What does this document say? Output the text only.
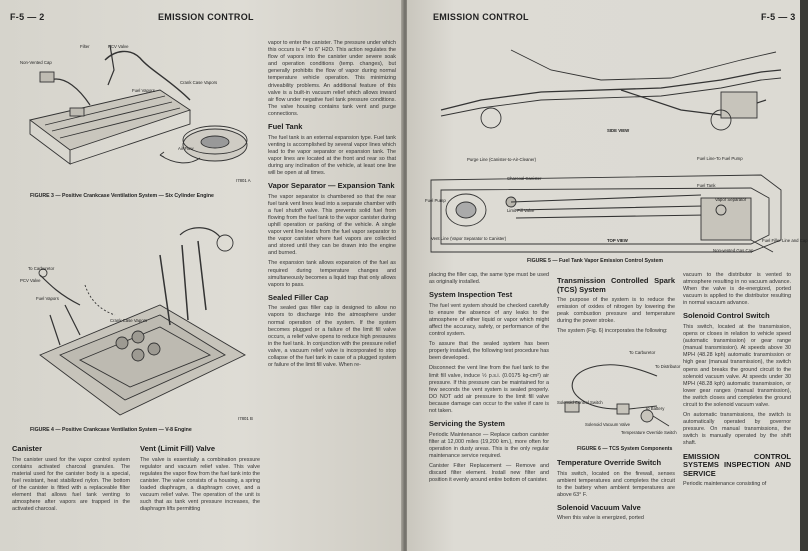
F-5 — 2	EMISSION CONTROL
Filter	PCV Valve
Non-Vented Cap
Fuel Vapors
Crank Case Vapors
Air Flow
I7801 A
FIGURE 3 — Positive Crankcase Ventilation System — Six Cylinder Engine
To Carburetor
PCV Valve
Fuel Vapors
Crank Case Vapors
I7801 B
FIGURE 4 — Positive Crankcase Ventilation System — V-8 Engine

vapor to enter the canister. The pressure under which this occurs is 4" to 6" H2O. This action regulates the flow of vapors into the canister under severe soak and operation conditions (temp. changes), but generally prohibits the flow of vapor during normal temperature vehicle operation. This minimizing driveability problems. An additional feature of this valve is a built-in vacuum relief which allows inward air flow under negative fuel tank pressure conditions. The valve housing contains tank vent and purge connections.

Fuel Tank

The fuel tank is an external expansion type. Fuel tank venting is accomplished by several vapor lines which lead to the vapor separator or expansion tank. The vapor lines are located at the front and rear so that during any inclination of the vehicle, at least one line will be open at all times.

Vapor Separator — Expansion Tank

The vapor separator is chambered so that the rear fuel tank vent lines lead into a separate chamber with a fuel shutoff valve. This prevents solid fuel from flowing from the fuel tank to the vapor canister during uphill operation or parking of the vehicle. A single vapor vent line leads from the fuel vapor separator to the vapor canister where fuel vapors are collected and stored until they can be drawn into the engine and burned.

The expansion tank allows expansion of the fuel as required during temperature changes and simultaneously becomes a liquid trap that only allows vapors to pass.

Sealed Filler Cap

The sealed gas filler cap is designed to allow no vapors to discharge into the atmosphere under normal operation of the system. If the system becomes plugged or a failure of the limit fill valve occurs, a relief valve opens to reduce high pressures in the fuel tank. In conjunction with the pressure relief valve, a vacuum relief valve is incorporated to stop collapse of the fuel tank in case of a plugged system or failure of the limit fill valve. When re-

Canister

The canister used for the vapor control system contains activated charcoal granules. The material used for the canister body is a special, fuel resistant, heat stabilized nylon. The bottom of the canister is fitted with a replaceable filter element that allows fuel tank venting to atmosphere after vapors are trapped in the activated charcoal.

Vent (Limit Fill) Valve

The valve is essentially a combination pressure regulator and vacuum relief valve. This valve regulates the vapor flow from the fuel tank into the canister. The valve consists of a housing, a spring loaded diaphragm, a diaphragm cover, and a vacuum relief valve. The operation of the unit is such that as tank vent pressure increases, the diaphragm lifts permitting

EMISSION CONTROL	F-5 — 3
SIDE VIEW
TOP VIEW
Purge Line (Canister-to-Air-Cleaner)
Charcoal Canister
Fuel Pump
Limit Fill Valve
Vent Line (Vapor Separator to Canister)
Fuel Line-To Fuel Pump
Fuel Tank
Vapor Separator
Non-vented Gas Cap
Fuel Filler Line and Cap
FIGURE 5 — Fuel Tank Vapor Emission Control System

placing the filler cap, the same type must be used as originally installed.

System Inspection Test

The fuel vent system should be checked carefully to ensure the absence of any leaks to the atmosphere of either liquid or vapor which might affect the accuracy, safety, or performance of the control system.

To assure that the sealed system has been properly installed, the following test procedure has been developed.

Disconnect the vent line from the fuel tank to the limit fill valve, induce ½ p.s.i. (0.0175 kg-cm²) air pressure. If this pressure can be maintained for a few seconds the vent system is sealed properly. DO NOT add air pressure to the limit fill valve because damage can occur to the valve if care is not taken.

Servicing the System

Periodic Maintenance — Replace carbon canister filter at 12,000 miles (19,200 km.), more often for operation in dusty areas. This is the only regular maintenance service required.

Canister Filter Replacement — Remove and discard filter element. Install new filter and position it evenly around entire bottom of canister.

Transmission Controlled Spark (TCS) System

The purpose of the system is to reduce the emission of oxides of nitrogen by lowering the peak combustion pressure and temperature during the power stroke.

The system (Fig. 6) incorporates the following:

To Carburetor
To Distributor
Solenoid Control Switch
To Battery
Solenoid Vacuum Valve
Temperature Override Switch
FIGURE 6 — TCS System Components
Temperature Override Switch

This switch, located on the firewall, senses ambient temperatures and completes the circuit to the battery when ambient temperatures are above 63° F.

Solenoid Vacuum Valve

When this valve is energized, ported

vacuum to the distributor is vented to atmosphere resulting in no vacuum advance. When the valve is de-energized, ported vacuum is applied to the distributor resulting in normal vacuum advance.

Solenoid Control Switch

This switch, located at the transmission, opens or closes in relation to vehicle speed (automatic transmission) or gear range (manual transmission). At speeds above 30 MPH (48.28 kph) automatic transmission or high gear (manual transmission), the switch opens and breaks the ground circuit to the solenoid vacuum valve. At speeds under 30 MPH (48.28 kph) automatic transmission, or lower gear ranges (manual transmission), the switch closes and completes the ground circuit to the solenoid vacuum valve.

On automatic transmissions, the switch is automatically operated by governor pressure. On manual transmissions, the switch is manually operated by the shift shaft.

EMISSION CONTROL SYSTEMS INSPECTION AND SERVICE

Periodic maintenance consisting of
